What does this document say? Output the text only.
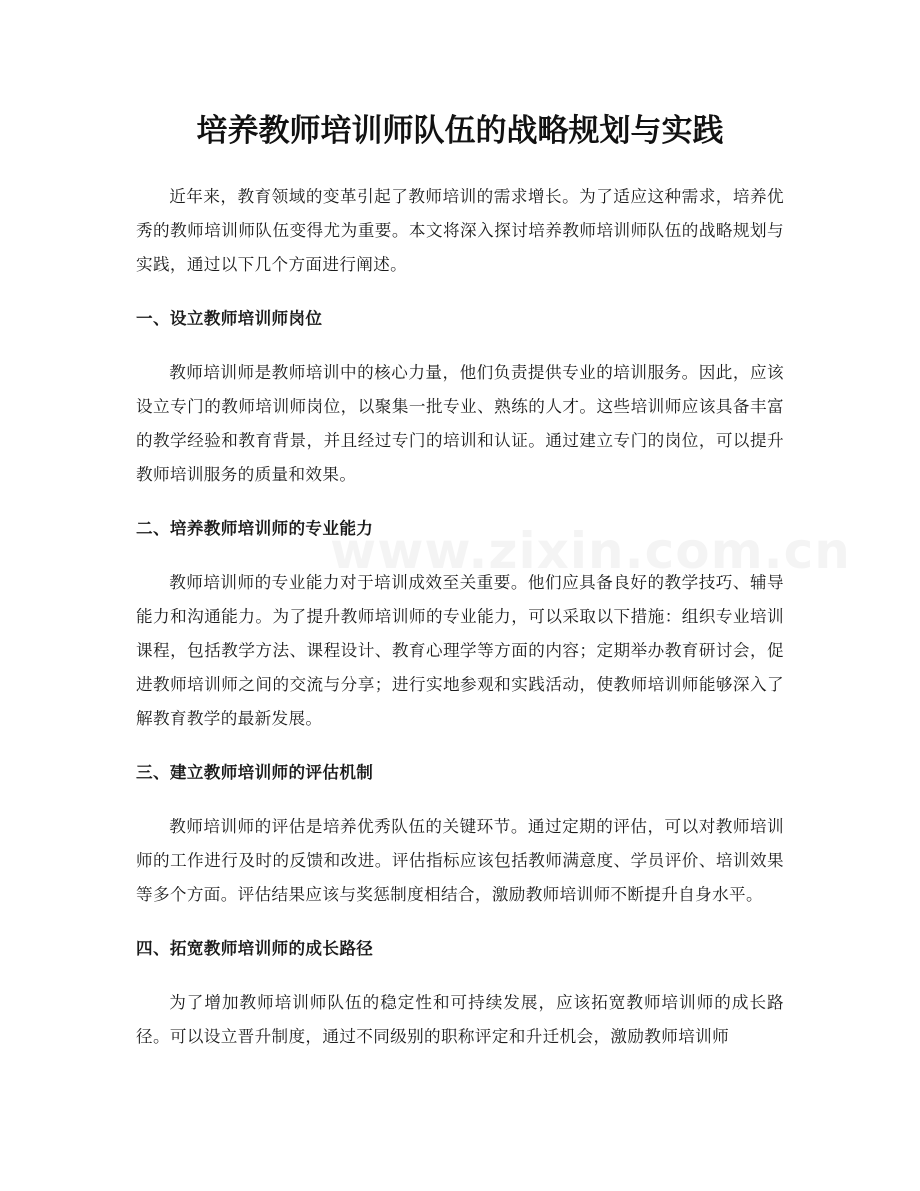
培养教师培训师队伍的战略规划与实践

近年来，教育领域的变革引起了教师培训的需求增长。为了适应这种需求，培养优秀的教师培训师队伍变得尤为重要。本文将深入探讨培养教师培训师队伍的战略规划与实践，通过以下几个方面进行阐述。

一、设立教师培训师岗位

教师培训师是教师培训中的核心力量，他们负责提供专业的培训服务。因此，应该设立专门的教师培训师岗位，以聚集一批专业、熟练的人才。这些培训师应该具备丰富的教学经验和教育背景，并且经过专门的培训和认证。通过建立专门的岗位，可以提升教师培训服务的质量和效果。

二、培养教师培训师的专业能力

教师培训师的专业能力对于培训成效至关重要。他们应具备良好的教学技巧、辅导能力和沟通能力。为了提升教师培训师的专业能力，可以采取以下措施：组织专业培训课程，包括教学方法、课程设计、教育心理学等方面的内容；定期举办教育研讨会，促进教师培训师之间的交流与分享；进行实地参观和实践活动，使教师培训师能够深入了解教育教学的最新发展。

三、建立教师培训师的评估机制

教师培训师的评估是培养优秀队伍的关键环节。通过定期的评估，可以对教师培训师的工作进行及时的反馈和改进。评估指标应该包括教师满意度、学员评价、培训效果等多个方面。评估结果应该与奖惩制度相结合，激励教师培训师不断提升自身水平。

四、拓宽教师培训师的成长路径

为了增加教师培训师队伍的稳定性和可持续发展，应该拓宽教师培训师的成长路径。可以设立晋升制度，通过不同级别的职称评定和升迁机会，激励教师培训师
